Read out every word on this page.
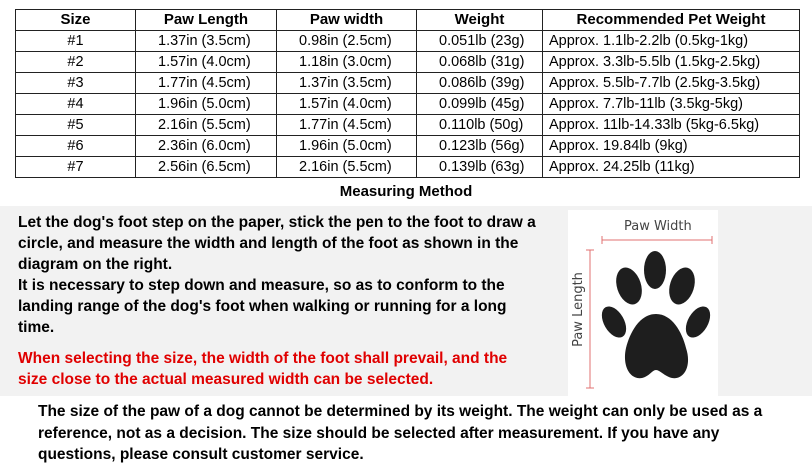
Size	Paw Length	Paw width	Weight	Recommended Pet Weight
#1	1.37in (3.5cm)	0.98in (2.5cm)	0.051lb (23g)	Approx. 1.1lb-2.2lb (0.5kg-1kg)
#2	1.57in (4.0cm)	1.18in (3.0cm)	0.068lb (31g)	Approx. 3.3lb-5.5lb (1.5kg-2.5kg)
#3	1.77in (4.5cm)	1.37in (3.5cm)	0.086lb (39g)	Approx. 5.5lb-7.7lb (2.5kg-3.5kg)
#4	1.96in (5.0cm)	1.57in (4.0cm)	0.099lb (45g)	Approx. 7.7lb-11lb (3.5kg-5kg)
#5	2.16in (5.5cm)	1.77in (4.5cm)	0.110lb (50g)	Approx. 11lb-14.33lb (5kg-6.5kg)
#6	2.36in (6.0cm)	1.96in (5.0cm)	0.123lb (56g)	Approx. 19.84lb (9kg)
#7	2.56in (6.5cm)	2.16in (5.5cm)	0.139lb (63g)	Approx. 24.25lb (11kg)
Measuring Method

Let the dog's foot step on the paper, stick the pen to the foot to draw a circle, and measure the width and length of the foot as shown in the diagram on the right.

It is necessary to step down and measure, so as to conform to the landing range of the dog's foot when walking or running for a long time.

When selecting the size, the width of the foot shall prevail, and the size close to the actual measured width can be selected.

Paw Width
Paw Length
The size of the paw of a dog cannot be determined by its weight. The weight can only be used as a reference, not as a decision. The size should be selected after measurement. If you have any questions, please consult customer service.
